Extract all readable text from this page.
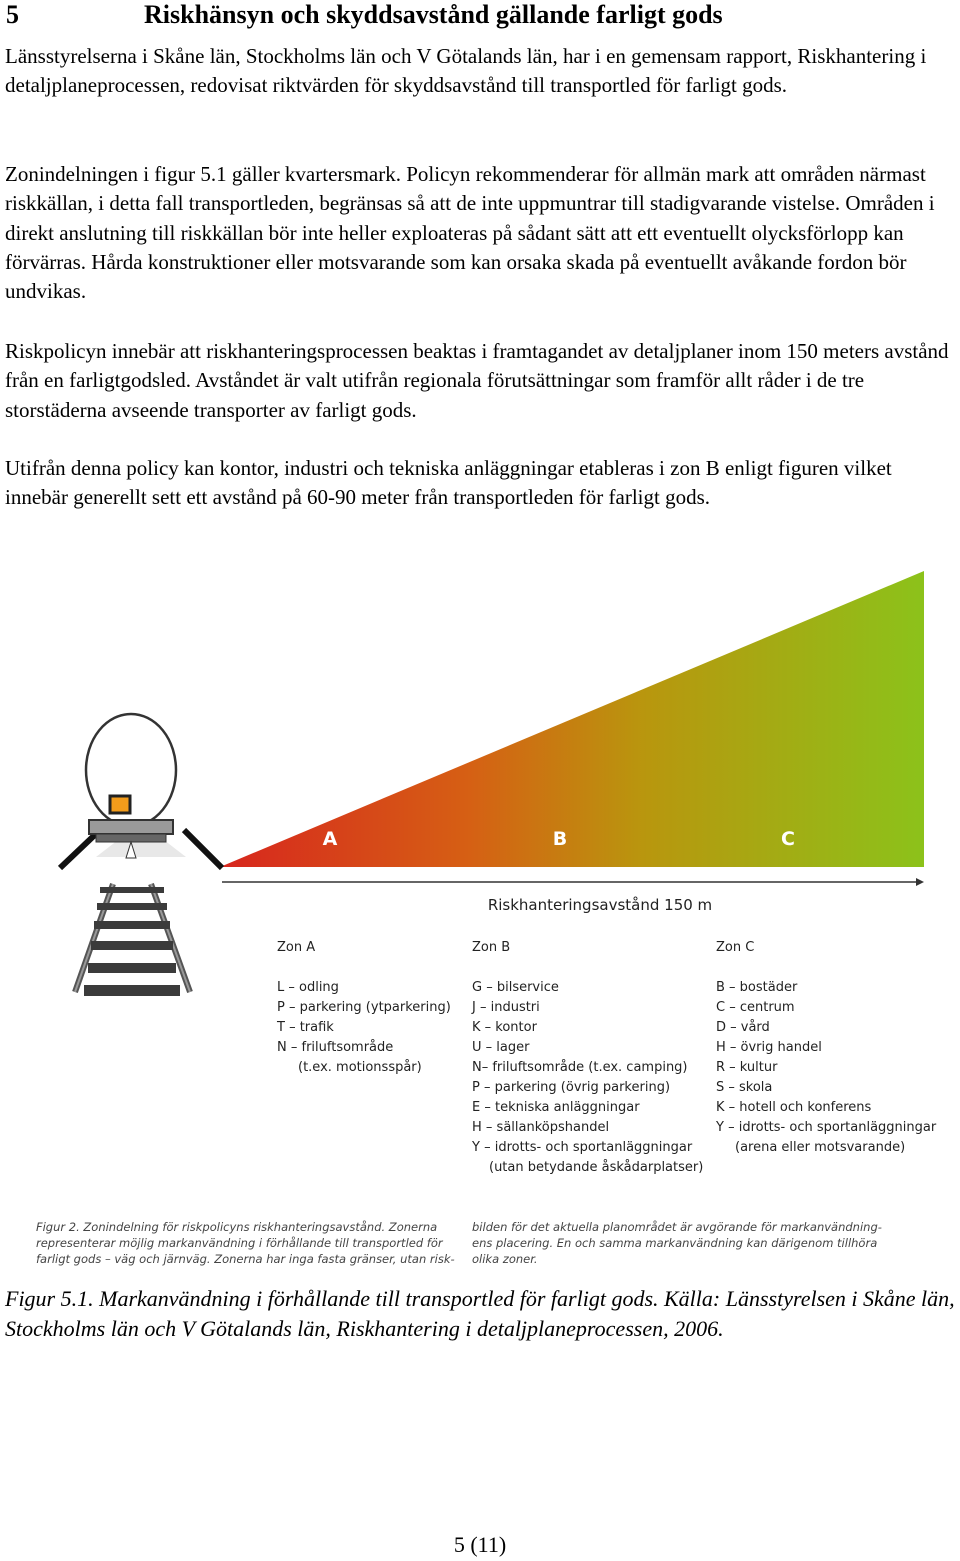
5	Riskhänsyn och skyddsavstånd gällande farligt gods

Länsstyrelserna i Skåne län, Stockholms län och V Götalands län, har i en gemensam rapport, Riskhantering i detaljplaneprocessen, redovisat riktvärden för skyddsavstånd till transportled för farligt gods.

Zonindelningen i figur 5.1 gäller kvartersmark. Policyn rekommenderar för allmän mark att områden närmast riskkällan, i detta fall transportleden, begränsas så att de inte uppmuntrar till stadigvarande vistelse. Områden i direkt anslutning till riskkällan bör inte heller exploateras på sådant sätt att ett eventuellt olycksförlopp kan förvärras. Hårda konstruktioner eller motsvarande som kan orsaka skada på eventuellt avåkande fordon bör undvikas.

Riskpolicyn innebär att riskhanteringsprocessen beaktas i framtagandet av detaljplaner inom 150 meters avstånd från en farligtgodsled. Avståndet är valt utifrån regionala förutsättningar som framför allt råder i de tre storstäderna avseende transporter av farligt gods.

Utifrån denna policy kan kontor, industri och tekniska anläggningar etableras i zon B enligt figuren vilket innebär generellt sett ett avstånd på 60-90 meter från transportleden för farligt gods.

A	B	C
Riskhanteringsavstånd 150 m
Zon A
L – odling
P – parkering (ytparkering)
T – trafik
N – friluftsområde
(t.ex. motionsspår)
Zon B
G – bilservice
J – industri
K – kontor
U – lager
N– friluftsområde (t.ex. camping)
P – parkering (övrig parkering)
E – tekniska anläggningar
H – sällanköpshandel
Y – idrotts- och sportanläggningar
(utan betydande åskådarplatser)
Zon C
B – bostäder
C – centrum
D – vård
H – övrig handel
R – kultur
S – skola
K – hotell och konferens
Y – idrotts- och sportanläggningar
(arena eller motsvarande)
Figur 2. Zonindelning för riskpolicyns riskhanteringsavstånd. Zonerna
representerar möjlig markanvändning i förhållande till transportled för
farligt gods – väg och järnväg. Zonerna har inga fasta gränser, utan risk-
bilden för det aktuella planområdet är avgörande för markanvändning-
ens placering. En och samma markanvändning kan därigenom tillhöra
olika zoner.

Figur 5.1. Markanvändning i förhållande till transportled för farligt gods. Källa: Länsstyrelsen i Skåne län, Stockholms län och V Götalands län, Riskhantering i detaljplaneprocessen, 2006.

5 (11)
